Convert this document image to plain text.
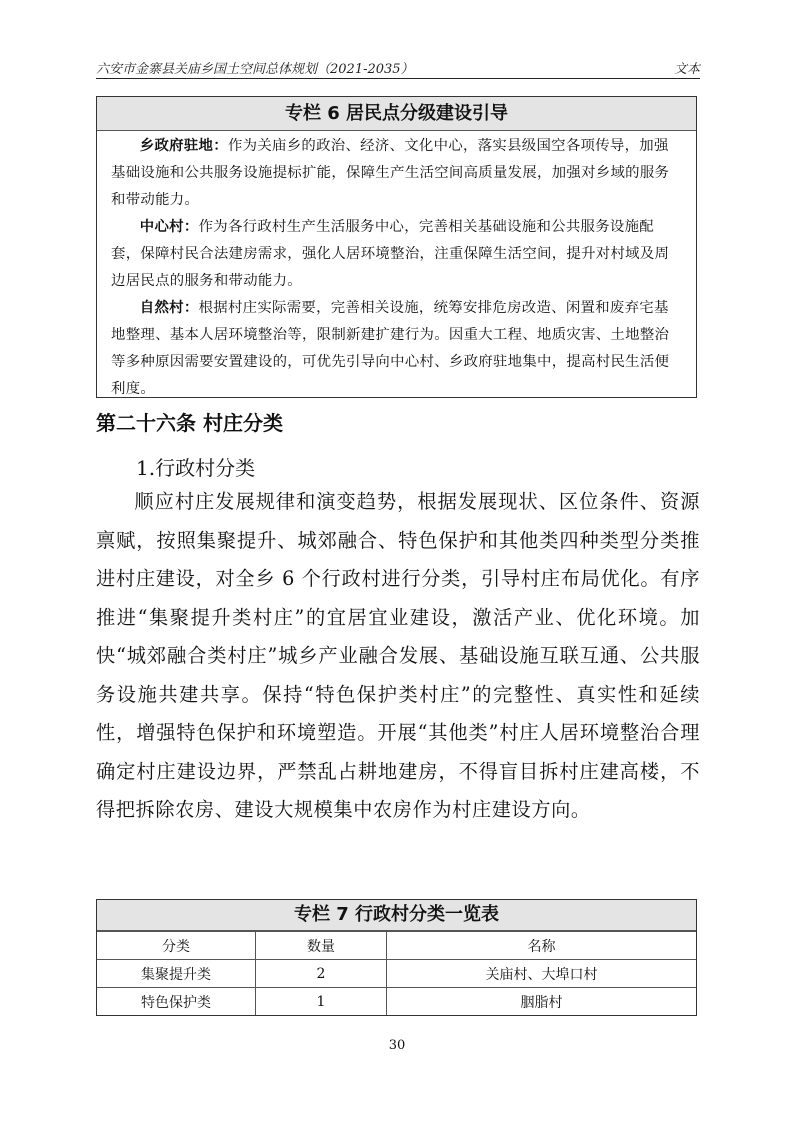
六安市金寨县关庙乡国土空间总体规划（2021-2035）	文本
专栏 6 居民点分级建设引导

乡政府驻地：作为关庙乡的政治、经济、文化中心，落实县级国空各项传导，加强基础设施和公共服务设施提标扩能，保障生产生活空间高质量发展，加强对乡域的服务和带动能力。

中心村：作为各行政村生产生活服务中心，完善相关基础设施和公共服务设施配套，保障村民合法建房需求，强化人居环境整治，注重保障生活空间，提升对村域及周边居民点的服务和带动能力。

自然村：根据村庄实际需要，完善相关设施，统筹安排危房改造、闲置和废弃宅基地整理、基本人居环境整治等，限制新建扩建行为。因重大工程、地质灾害、土地整治等多种原因需要安置建设的，可优先引导向中心村、乡政府驻地集中，提高村民生活便利度。

第二十六条 村庄分类
1.行政村分类

顺应村庄发展规律和演变趋势，根据发展现状、区位条件、资源禀赋，按照集聚提升、城郊融合、特色保护和其他类四种类型分类推进村庄建设，对全乡 6 个行政村进行分类，引导村庄布局优化。有序推进“集聚提升类村庄”的宜居宜业建设，激活产业、优化环境。加快“城郊融合类村庄”城乡产业融合发展、基础设施互联互通、公共服务设施共建共享。保持“特色保护类村庄”的完整性、真实性和延续性，增强特色保护和环境塑造。开展“其他类”村庄人居环境整治合理确定村庄建设边界，严禁乱占耕地建房，不得盲目拆村庄建高楼，不得把拆除农房、建设大规模集中农房作为村庄建设方向。

专栏 7 行政村分类一览表
分类	数量	名称
集聚提升类	2	关庙村、大埠口村
特色保护类	1	胭脂村
30
